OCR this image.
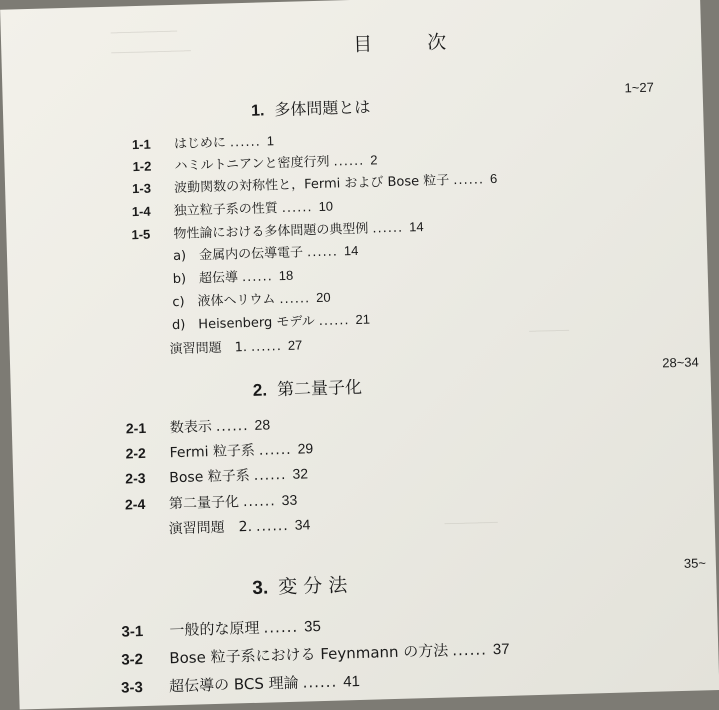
──────────
────────────
──────
────────
目　次
1. 多体問題とは
1~27
1-1 はじめに ...... 1
1-2 ハミルトニアンと密度行列 ...... 2
1-3 波動関数の対称性と，Fermi および Bose 粒子 ...... 6
1-4 独立粒子系の性質 ...... 10
1-5 物性論における多体問題の典型例 ...... 14
a)　金属内の伝導電子 ...... 14
b)　超伝導 ...... 18
c)　液体ヘリウム ...... 20
d)　Heisenberg モデル ...... 21
演習問題　1. ...... 27
2. 第二量子化
28~34
2-1 数表示 ...... 28
2-2 Fermi 粒子系 ...... 29
2-3 Bose 粒子系 ...... 32
2-4 第二量子化 ...... 33
演習問題　2. ...... 34
3. 変 分 法
35~
3-1 一般的な原理 ...... 35
3-2 Bose 粒子系における Feynmann の方法 ...... 37
3-3 超伝導の BCS 理論 ...... 41
